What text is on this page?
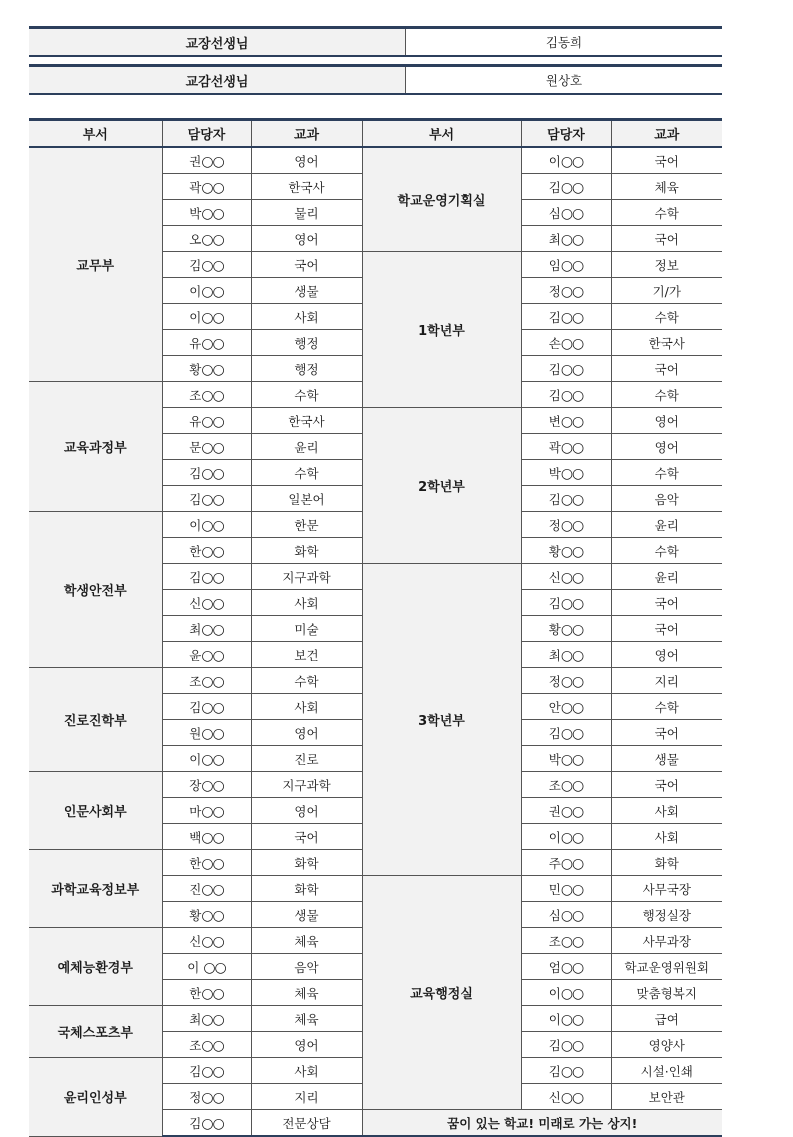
교장선생님	김동희
교감선생님	원상호
부서	담당자	교과	부서	담당자	교과
교무부	권○○	영어	학교운영기획실	이○○	국어
	곽○○	한국사		김○○	체육
	박○○	물리		심○○	수학
	오○○	영어		최○○	국어
	김○○	국어	1학년부	임○○	정보
	이○○	생물		정○○	기/가
	이○○	사회		김○○	수학
	유○○	행정		손○○	한국사
	황○○	행정		김○○	국어
교육과정부	조○○	수학		김○○	수학
	유○○	한국사	2학년부	변○○	영어
	문○○	윤리		곽○○	영어
	김○○	수학		박○○	수학
	김○○	일본어		김○○	음악
학생안전부	이○○	한문		정○○	윤리
	한○○	화학		황○○	수학
	김○○	지구과학	3학년부	신○○	윤리
	신○○	사회		김○○	국어
	최○○	미술		황○○	국어
	윤○○	보건		최○○	영어
진로진학부	조○○	수학		정○○	지리
	김○○	사회		안○○	수학
	원○○	영어		김○○	국어
	이○○	진로		박○○	생물
인문사회부	장○○	지구과학		조○○	국어
	마○○	영어		권○○	사회
	백○○	국어		이○○	사회
과학교육정보부	한○○	화학		주○○	화학
	진○○	화학	교육행정실	민○○	사무국장
	황○○	생물		심○○	행정실장
예체능환경부	신○○	체육		조○○	사무과장
	이 ○○	음악		엄○○	학교운영위원회
	한○○	체육		이○○	맞춤형복지
국체스포츠부	최○○	체육		이○○	급여
	조○○	영어		김○○	영양사
윤리인성부	김○○	사회		김○○	시설·인쇄
	정○○	지리		신○○	보안관
	김○○	전문상담	꿈이 있는 학교! 미래로 가는 상지!		
